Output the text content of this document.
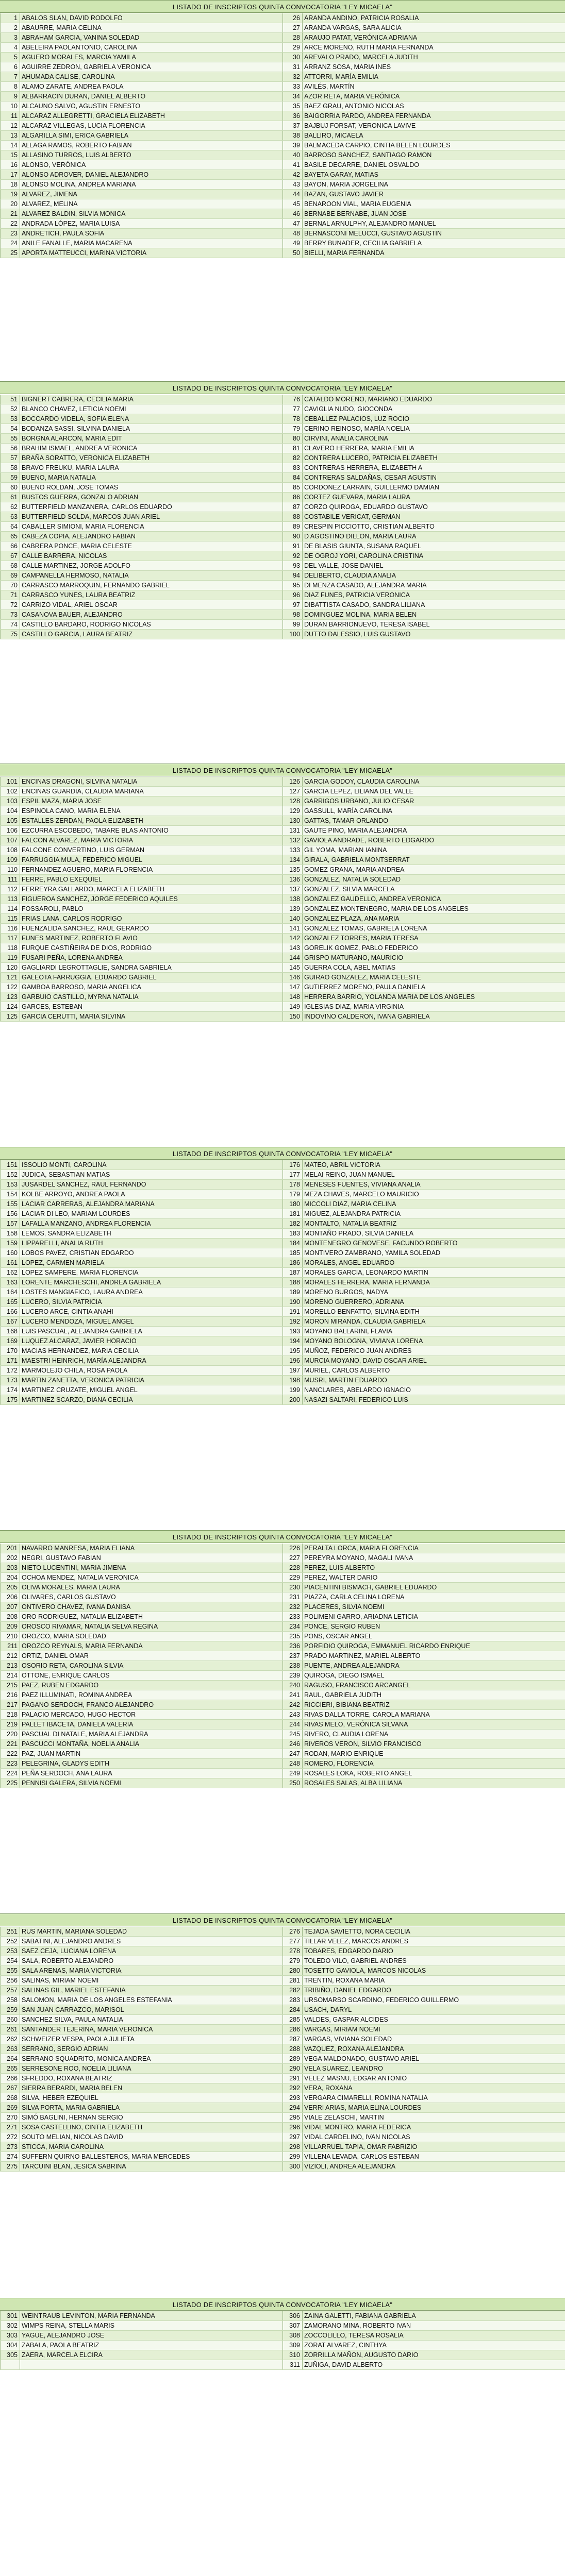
LISTADO DE INSCRIPTOS QUINTA CONVOCATORIA "LEY MICAELA"
1	ABALOS SLAN, DAVID RODOLFO	26	ARANDA ANDINO, PATRICIA ROSALIA
2	ABAURRE, MARIA CELINA	27	ARANDA VARGAS, SARA ALICIA
3	ABRAHAM GARCIA, VANINA SOLEDAD	28	ARAUJO PATAT, VERÓNICA ADRIANA
4	ABELEIRA PAOLANTONIO, CAROLINA	29	ARCE MORENO, RUTH MARIA FERNANDA
5	AGUERO MORALES, MARCIA YAMILA	30	AREVALO PRADO, MARCELA JUDITH
6	AGUIRRE ZEDRON, GABRIELA VERONICA	31	ARRANZ SOSA, MARIA INES
7	AHUMADA CALISE, CAROLINA	32	ATTORRI, MARÍA EMILIA
8	ALAMO ZARATE, ANDREA PAOLA	33	AVILÉS, MARTÍN
9	ALBARRACIN DURAN, DANIEL ALBERTO	34	AZOR RETA, MARIA VERÓNICA
10	ALCAUNO SALVO, AGUSTIN ERNESTO	35	BAEZ GRAU, ANTONIO NICOLAS
11	ALCARAZ ALLEGRETTI, GRACIELA ELIZABETH	36	BAIGORRIA PARDO, ANDREA FERNANDA
12	ALCARAZ VILLEGAS, LUCIA FLORENCIA	37	BAJBUJ FORSAT, VERONICA LAVIVE
13	ALGARILLA SIMI, ERICA GABRIELA	38	BALLIRO, MICAELA
14	ALLAGA RAMOS, ROBERTO FABIAN	39	BALMACEDA CARPIO, CINTIA BELEN LOURDES
15	ALLASINO TURROS, LUIS ALBERTO	40	BARROSO SANCHEZ, SANTIAGO RAMON
16	ALONSO, VERÓNICA	41	BASILE DECARRE, DANIEL OSVALDO
17	ALONSO ADROVER, DANIEL ALEJANDRO	42	BAYETA GARAY, MATIAS
18	ALONSO MOLINA, ANDREA MARIANA	43	BAYON, MARIA JORGELINA
19	ALVAREZ, JIMENA	44	BAZAN, GUSTAVO JAVIER
20	ALVAREZ, MELINA	45	BENAROON VIAL, MARIA EUGENIA
21	ALVAREZ BALDIN, SILVIA MONICA	46	BERNABE BERNABE, JUAN JOSE
22	ANDRADA LÓPEZ, MARIA LUISA	47	BERNAL ARNULPHY, ALEJANDRO MANUEL
23	ANDRETICH, PAULA SOFIA	48	BERNASCONI MELUCCI, GUSTAVO AGUSTIN
24	ANILE FANALLE, MARIA MACARENA	49	BERRY BUNADER, CECILIA GABRIELA
25	APORTA MATTEUCCI, MARINA VICTORIA	50	BIELLI, MARIA FERNANDA
LISTADO DE INSCRIPTOS QUINTA CONVOCATORIA "LEY MICAELA"
51	BIGNERT CABRERA, CECILIA MARIA	76	CATALDO MORENO, MARIANO EDUARDO
52	BLANCO CHAVEZ, LETICIA NOEMI	77	CAVIGLIA NUDO, GIOCONDA
53	BOCCARDO VIDELA, SOFIA ELENA	78	CEBALLEZ PALACIOS, LUZ ROCIO
54	BODANZA SASSI, SILVINA DANIELA	79	CERINO REINOSO, MARÍA NOELIA
55	BORGNA ALARCON, MARIA EDIT	80	CIRVINI, ANALIA CAROLINA
56	BRAHIM ISMAEL, ANDREA VERONICA	81	CLAVERO HERRERA, MARIA EMILIA
57	BRAÑA SORATTO, VERONICA ELIZABETH	82	CONTRERA LUCERO, PATRICIA ELIZABETH
58	BRAVO FREUKU, MARIA LAURA	83	CONTRERAS HERRERA, ELIZABETH A
59	BUENO, MARIA NATALIA	84	CONTRERAS SALDAÑAS, CESAR AGUSTIN
60	BUENO ROLDAN, JOSE TOMAS	85	CORDONEZ LARRAIN, GUILLERMO DAMIAN
61	BUSTOS GUERRA, GONZALO ADRIAN	86	CORTEZ GUEVARA, MARIA LAURA
62	BUTTERFIELD MANZANERA, CARLOS EDUARDO	87	CORZO QUIROGA, EDUARDO GUSTAVO
63	BUTTERFIELD SOLDA, MARCOS JUAN ARIEL	88	COSTABILE VERICAT, GERMAN
64	CABALLER SIMIONI, MARIA FLORENCIA	89	CRESPIN PICCIOTTO, CRISTIAN ALBERTO
65	CABEZA COPIA, ALEJANDRO FABIAN	90	D AGOSTINO DILLON, MARIA LAURA
66	CABRERA PONCE, MARIA CELESTE	91	DE BLASIS GIUNTA, SUSANA RAQUEL
67	CALLE BARRERA, NICOLAS	92	DE OGROJ YORI, CAROLINA CRISTINA
68	CALLE MARTINEZ, JORGE ADOLFO	93	DEL VALLE, JOSE DANIEL
69	CAMPANELLA HERMOSO, NATALIA	94	DELIBERTO, CLAUDIA ANALIA
70	CARRASCO MARROQUIN, FERNANDO GABRIEL	95	DI MENZA CASADO, ALEJANDRA MARIA
71	CARRASCO YUNES, LAURA BEATRIZ	96	DIAZ FUNES, PATRICIA VERONICA
72	CARRIZO VIDAL, ARIEL OSCAR	97	DIBATTISTA CASADO, SANDRA LILIANA
73	CASANOVA BAUER, ALEJANDRO	98	DOMINGUEZ MOLINA, MARIA BELEN
74	CASTILLO BARDARO, RODRIGO NICOLAS	99	DURAN BARRIONUEVO, TERESA ISABEL
75	CASTILLO GARCIA, LAURA BEATRIZ	100	DUTTO DALESSIO, LUIS GUSTAVO
LISTADO DE INSCRIPTOS QUINTA CONVOCATORIA "LEY MICAELA"
101	ENCINAS DRAGONI, SILVINA NATALIA	126	GARCIA GODOY, CLAUDIA CAROLINA
102	ENCINAS GUARDIA, CLAUDIA MARIANA	127	GARCIA LEPEZ, LILIANA DEL VALLE
103	ESPIL MAZA, MARIA JOSE	128	GARRIGOS URBANO, JULIO CESAR
104	ESPINOLA CANO, MARIA ELENA	129	GASSULL, MARÍA CAROLINA
105	ESTALLES ZERDAN, PAOLA ELIZABETH	130	GATTAS, TAMAR ORLANDO
106	EZCURRA ESCOBEDO, TABARE BLAS ANTONIO	131	GAUTE PINO, MARIA ALEJANDRA
107	FALCON ALVAREZ, MARIA VICTORIA	132	GAVIOLA ANDRADE, ROBERTO EDGARDO
108	FALCONE CONVERTINO, LUIS GERMAN	133	GIL YOMA, MARIAN IANINA
109	FARRUGGIA MULA, FEDERICO MIGUEL	134	GIRALA, GABRIELA MONTSERRAT
110	FERNANDEZ AGUERO, MARIA FLORENCIA	135	GOMEZ GRANA, MARIA ANDREA
111	FERRE, PABLO EXEQUIEL	136	GONZALEZ, NATALIA SOLEDAD
112	FERREYRA GALLARDO, MARCELA ELIZABETH	137	GONZALEZ, SILVIA MARCELA
113	FIGUEROA SANCHEZ, JORGE FEDERICO AQUILES	138	GONZALEZ GAUDELLO, ANDREA VERONICA
114	FOSSAROLI, PABLO	139	GONZALEZ MONTENEGRO, MARIA DE LOS ANGELES
115	FRIAS LANA, CARLOS RODRIGO	140	GONZALEZ PLAZA, ANA MARIA
116	FUENZALIDA SANCHEZ, RAUL GERARDO	141	GONZALEZ TOMAS, GABRIELA LORENA
117	FUNES MARTINEZ, ROBERTO FLAVIO	142	GONZALEZ TORRES, MARIA TERESA
118	FURQUE CASTIÑEIRA DE DIOS, RODRIGO	143	GORELIK GOMEZ, PABLO FEDERICO
119	FUSARI PEÑA, LORENA ANDREA	144	GRISPO MATURANO, MAURICIO
120	GAGLIARDI LEGROTTAGLIE, SANDRA GABRIELA	145	GUERRA COLA, ABEL MATIAS
121	GALEOTA FARRUGGIA, EDUARDO GABRIEL	146	GUIRAO GONZALEZ, MARIA CELESTE
122	GAMBOA BARROSO, MARIA ANGELICA	147	GUTIERREZ MORENO, PAULA DANIELA
123	GARBUIO CASTILLO, MYRNA NATALIA	148	HERRERA BARRIO, YOLANDA MARIA DE LOS ANGELES
124	GARCES, ESTEBAN	149	IGLESIAS DIAZ, MARIA VIRGINIA
125	GARCIA CERUTTI, MARIA SILVINA	150	INDOVINO CALDERON, IVANA GABRIELA
LISTADO DE INSCRIPTOS QUINTA CONVOCATORIA "LEY MICAELA"
151	ISSOLIO MONTI, CAROLINA	176	MATEO, ABRIL VICTORIA
152	JUDICA, SEBASTIAN MATIAS	177	MELAI REINO, JUAN MANUEL
153	JUSARDEL SANCHEZ, RAUL FERNANDO	178	MENESES FUENTES, VIVIANA ANALIA
154	KOLBE ARROYO, ANDREA PAOLA	179	MEZA CHAVES, MARCELO MAURICIO
155	LACIAR CARRERAS, ALEJANDRA MARIANA	180	MICCOLI DIAZ, MARIA CELINA
156	LACIAR DI LEO, MARIAM LOURDES	181	MIGUEZ, ALEJANDRA PATRICIA
157	LAFALLA MANZANO, ANDREA FLORENCIA	182	MONTALTO, NATALIA BEATRIZ
158	LEMOS, SANDRA ELIZABETH	183	MONTAÑO PRADO, SILVIA DANIELA
159	LIPPARELLI, ANALIA RUTH	184	MONTENEGRO GENOVESE, FACUNDO ROBERTO
160	LOBOS PAVEZ, CRISTIAN EDGARDO	185	MONTIVERO ZAMBRANO, YAMILA SOLEDAD
161	LOPEZ, CARMEN MARIELA	186	MORALES, ANGEL EDUARDO
162	LOPEZ SAMPERE, MARIA FLORENCIA	187	MORALES GARCIA, LEONARDO MARTIN
163	LORENTE MARCHESCHI, ANDREA GABRIELA	188	MORALES HERRERA, MARIA FERNANDA
164	LOSTES MANGIAFICO, LAURA ANDREA	189	MORENO BURGOS, NADYA
165	LUCERO, SILVIA PATRICIA	190	MORENO GUERRERO, ADRIANA
166	LUCERO ARCE, CINTIA ANAHI	191	MORELLO BENFATTO, SILVINA EDITH
167	LUCERO MENDOZA, MIGUEL ANGEL	192	MORON MIRANDA, CLAUDIA GABRIELA
168	LUIS PASCUAL, ALEJANDRA GABRIELA	193	MOYANO BALLARINI, FLAVIA
169	LUQUEZ ALCARAZ, JAVIER HORACIO	194	MOYANO BOLOGNA, VIVIANA LORENA
170	MACIAS HERNANDEZ, MARIA CECILIA	195	MUÑOZ, FEDERICO JUAN ANDRES
171	MAESTRI HEINRICH, MARÍA ALEJANDRA	196	MURCIA MOYANO, DAVID OSCAR ARIEL
172	MARMOLEJO CHILA, ROSA PAOLA	197	MURIEL, CARLOS ALBERTO
173	MARTIN ZANETTA, VERONICA PATRICIA	198	MUSRI, MARTIN EDUARDO
174	MARTINEZ CRUZATE, MIGUEL ANGEL	199	NANCLARES, ABELARDO IGNACIO
175	MARTINEZ SCARZO, DIANA CECILIA	200	NASAZI SALTARI, FEDERICO LUIS
LISTADO DE INSCRIPTOS QUINTA CONVOCATORIA "LEY MICAELA"
201	NAVARRO MANRESA, MARIA ELIANA	226	PERALTA LORCA, MARIA FLORENCIA
202	NEGRI, GUSTAVO FABIAN	227	PEREYRA MOYANO, MAGALI IVANA
203	NIETO LUCENTINI, MARIA JIMENA	228	PEREZ, LUIS ALBERTO
204	OCHOA MENDEZ, NATALIA VERONICA	229	PEREZ, WALTER DARIO
205	OLIVA MORALES, MARIA LAURA	230	PIACENTINI BISMACH, GABRIEL EDUARDO
206	OLIVARES, CARLOS GUSTAVO	231	PIAZZA, CARLA CELINA LORENA
207	ONTIVERO CHAVEZ, IVANA DANISA	232	PLACERES, SILVIA NOEMI
208	ORO RODRIGUEZ, NATALIA ELIZABETH	233	POLIMENI GARRO, ARIADNA LETICIA
209	OROSCO RIVAMAR, NATALIA SELVA REGINA	234	PONCE, SERGIO RUBEN
210	OROZCO, MARIA SOLEDAD	235	PONS, OSCAR ANGEL
211	OROZCO REYNALS, MARIA FERNANDA	236	PORFIDIO QUIROGA, EMMANUEL RICARDO ENRIQUE
212	ORTIZ, DANIEL OMAR	237	PRADO MARTINEZ, MARIEL ALBERTO
213	OSORIO RETA, CAROLINA SILVIA	238	PUENTE, ANDREA ALEJANDRA
214	OTTONE, ENRIQUE CARLOS	239	QUIROGA, DIEGO ISMAEL
215	PAEZ, RUBEN EDGARDO	240	RAGUSO, FRANCISCO ARCANGEL
216	PAEZ ILLUMINATI, ROMINA ANDREA	241	RAUL, GABRIELA JUDITH
217	PAGANO SERDOCH, FRANCO ALEJANDRO	242	RICCIERI, BIBIANA BEATRIZ
218	PALACIO MERCADO, HUGO HECTOR	243	RIVAS DALLA TORRE, CAROLA MARIANA
219	PALLET IBACETA, DANIELA VALERIA	244	RIVAS MELO, VERÓNICA SILVANA
220	PASCUAL DI NATALE, MARIA ALEJANDRA	245	RIVERO, CLAUDIA LORENA
221	PASCUCCI MONTAÑA, NOELIA ANALIA	246	RIVEROS VERON, SILVIO FRANCISCO
222	PAZ, JUAN MARTIN	247	RODAN, MARIO ENRIQUE
223	PELEGRINA, GLADYS EDITH	248	ROMERO, FLORENCIA
224	PEÑA SERDOCH, ANA LAURA	249	ROSALES LOKA, ROBERTO ANGEL
225	PENNISI GALERA, SILVIA NOEMI	250	ROSALES SALAS, ALBA LILIANA
LISTADO DE INSCRIPTOS QUINTA CONVOCATORIA "LEY MICAELA"
251	RUS MARTIN, MARIANA SOLEDAD	276	TEJADA SAVIETTO, NORA CECILIA
252	SABATINI, ALEJANDRO ANDRES	277	TILLAR VELEZ, MARCOS ANDRES
253	SAEZ CEJA, LUCIANA LORENA	278	TOBARES, EDGARDO DARIO
254	SALA, ROBERTO ALEJANDRO	279	TOLEDO VILO, GABRIEL ANDRES
255	SALA ARENAS, MARIA VICTORIA	280	TOSETTO GAVIOLA, MARCOS NICOLAS
256	SALINAS, MIRIAM NOEMI	281	TRENTIN, ROXANA MARIA
257	SALINAS GIL, MARIEL ESTEFANIA	282	TRIBIÑO, DANIEL EDGARDO
258	SALOMON, MARIA DE LOS ANGELES ESTEFANIA	283	URSOMARSO SCARDINO, FEDERICO GUILLERMO
259	SAN JUAN CARRAZCO, MARISOL	284	USACH, DARYL
260	SANCHEZ SILVA, PAULA NATALIA	285	VALDES, GASPAR ALCIDES
261	SANTANDER TEJERINA, MARIA VERONICA	286	VARGAS, MIRIAM NOEMI
262	SCHWEIZER VESPA, PAOLA JULIETA	287	VARGAS, VIVIANA SOLEDAD
263	SERRANO, SERGIO ADRIAN	288	VAZQUEZ, ROXANA ALEJANDRA
264	SERRANO SQUADRITO, MONICA ANDREA	289	VEGA MALDONADO, GUSTAVO ARIEL
265	SERRESONE ROO, NOELIA LILIANA	290	VELA SUAREZ, LEANDRO
266	SFREDDO, ROXANA BEATRIZ	291	VELEZ MASNU, EDGAR ANTONIO
267	SIERRA BERARDI, MARIA BELEN	292	VERA, ROXANA
268	SILVA, HEBER EZEQUIEL	293	VERGARA CIMARELLI, ROMINA NATALIA
269	SILVA PORTA, MARIA GABRIELA	294	VERRI ARIAS, MARIA ELINA LOURDES
270	SIMÓ BAGLINI, HERNAN SERGIO	295	VIALE ZELASCHI, MARTIN
271	SOSA CASTELLINO, CINTIA ELIZABETH	296	VIDAL MONTRO, MARIA FEDERICA
272	SOUTO MELIAN, NICOLAS DAVID	297	VIDAL CARDELINO, IVAN NICOLAS
273	STICCA, MARIA CAROLINA	298	VILLARRUEL TAPIA, OMAR FABRIZIO
274	SUFFERN QUIRNO BALLESTEROS, MARIA MERCEDES	299	VILLENA LEVADA, CARLOS ESTEBAN
275	TARCUINI BLAN, JESICA SABRINA	300	VIZIOLI, ANDREA ALEJANDRA
LISTADO DE INSCRIPTOS QUINTA CONVOCATORIA "LEY MICAELA"
301	WEINTRAUB LEVINTON, MARIA FERNANDA	306	ZAINA GALETTI, FABIANA GABRIELA
302	WIMPS REINA, STELLA MARIS	307	ZAMORANO MINA, ROBERTO IVAN
303	YAGUE, ALEJANDRO JOSE	308	ZOCCOLILLO, TERESA ROSALIA
304	ZABALA, PAOLA BEATRIZ	309	ZORAT ALVAREZ, CINTHYA
305	ZAERA, MARCELA ELCIRA	310	ZORRILLA MAÑON, AUGUSTO DARIO
		311	ZUÑIGA, DAVID ALBERTO
